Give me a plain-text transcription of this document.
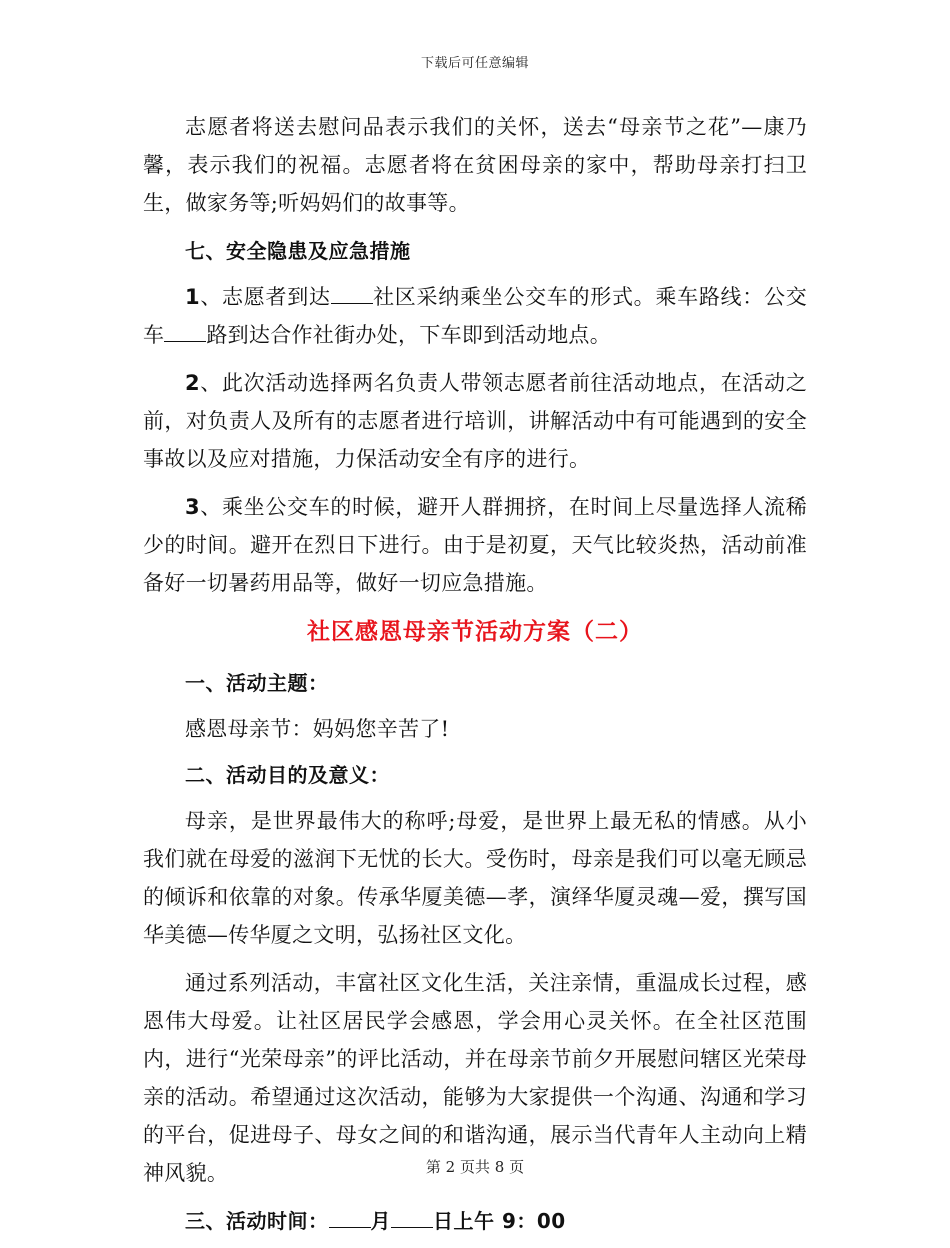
下载后可任意编辑

志愿者将送去慰问品表示我们的关怀，送去“母亲节之花”—康乃馨，表示我们的祝福。志愿者将在贫困母亲的家中，帮助母亲打扫卫生，做家务等;听妈妈们的故事等。

七、安全隐患及应急措施

1、志愿者到达 社区采纳乘坐公交车的形式。乘车路线：公交车 路到达合作社街办处，下车即到活动地点。

2、此次活动选择两名负责人带领志愿者前往活动地点，在活动之前，对负责人及所有的志愿者进行培训，讲解活动中有可能遇到的安全事故以及应对措施，力保活动安全有序的进行。

3、乘坐公交车的时候，避开人群拥挤，在时间上尽量选择人流稀少的时间。避开在烈日下进行。由于是初夏，天气比较炎热，活动前准备好一切暑药用品等，做好一切应急措施。

社区感恩母亲节活动方案（二）

一、活动主题：

感恩母亲节：妈妈您辛苦了!

二、活动目的及意义：

母亲，是世界最伟大的称呼;母爱，是世界上最无私的情感。从小我们就在母爱的滋润下无忧的长大。受伤时，母亲是我们可以毫无顾忌的倾诉和依靠的对象。传承华厦美德—孝，演绎华厦灵魂—爱，撰写国华美德—传华厦之文明，弘扬社区文化。

通过系列活动，丰富社区文化生活，关注亲情，重温成长过程，感恩伟大母爱。让社区居民学会感恩，学会用心灵关怀。在全社区范围内，进行“光荣母亲”的评比活动，并在母亲节前夕开展慰问辖区光荣母亲的活动。希望通过这次活动，能够为大家提供一个沟通、沟通和学习的平台，促进母子、母女之间的和谐沟通，展示当代青年人主动向上精神风貌。

三、活动时间： 月 日上午 9：00

第 2 页共 8 页
